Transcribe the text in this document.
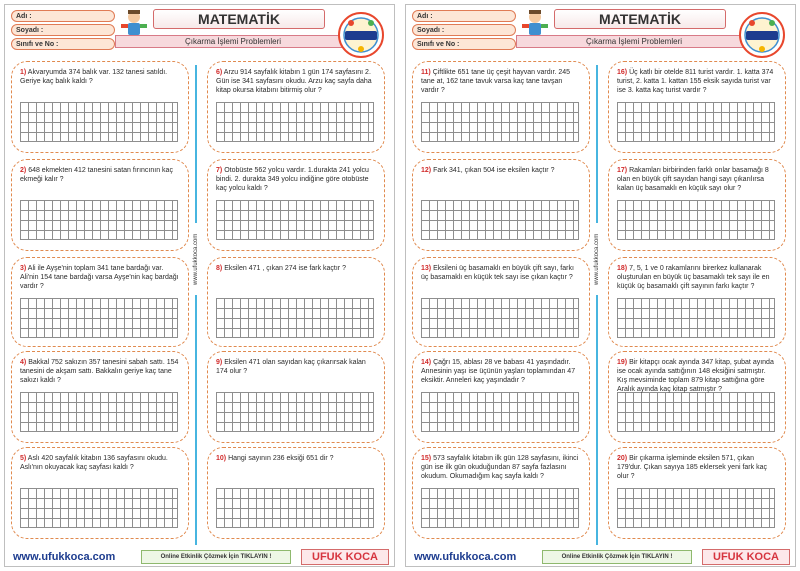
Adı :
Soyadı :
Sınıfı ve No :
MATEMATİK
Çıkarma İşlemi Problemleri
www.ufukkoca.com
1) Akvaryumda 374 balık var. 132 tanesi satıldı. Geriye kaç balık kaldı ?
2) 648 ekmekten 412 tanesini satan fırıncının kaç ekmeği kalır ?
3) Ali ile Ayşe'nin toplam 341 tane bardağı var. Ali'nin 154 tane bardağı varsa Ayşe'nin kaç bardağı vardır ?
4) Bakkal 752 sakızın 357 tanesini sabah sattı. 154 tanesini de akşam sattı. Bakkalın geriye kaç tane sakızı kaldı ?
5) Aslı 420 sayfalık kitabın 136 sayfasını okudu. Aslı'nın okuyacak kaç sayfası kaldı ?
6) Arzu 914 sayfalık kitabın 1 gün 174 sayfasını 2. Gün ise 341 sayfasını okudu. Arzu kaç sayfa daha kitap okursa kitabını bitirmiş olur ?
7) Otobüste 562 yolcu vardır. 1.durakta 241 yolcu bindi. 2. durakta 349 yolcu indiğine göre otobüste kaç yolcu kaldı ?
8) Eksilen 471 , çıkan 274 ise fark kaçtır ?
9) Eksilen 471 olan sayıdan kaç çıkarırsak kalan 174 olur ?
10) Hangi sayının 236 eksiği 651 dir ?
www.ufukkoca.com	Online Etkinlik Çözmek İçin TIKLAYIN !	UFUK KOCA
Adı :
Soyadı :
Sınıfı ve No :
MATEMATİK
Çıkarma İşlemi Problemleri
www.ufukkoca.com
11) Çiftlikte 651 tane üç çeşit hayvan vardır. 245 tane at, 162 tane tavuk varsa kaç tane tavşan vardır ?
12) Fark 341, çıkan 504 ise eksilen kaçtır ?
13) Eksileni üç basamaklı en büyük çift sayı, farkı üç basamaklı en küçük tek sayı ise çıkan kaçtır ?
14) Çağrı 15, ablası 28 ve babası 41 yaşındadır. Annesinin yaşı ise üçünün yaşları toplamından 47 eksiktir. Anneleri kaç yaşındadır ?
15) 573 sayfalık kitabın ilk gün 128 sayfasını, ikinci gün ise ilk gün okuduğundan 87 sayfa fazlasını okudum. Okumadığım kaç sayfa kaldı ?
16) Üç katlı bir otelde 811 turist vardır. 1. katta 374 turist, 2. katta 1. kattan 155 eksik sayıda turist var ise 3. katta kaç turist vardır ?
17) Rakamları birbirinden farklı onlar basamağı 8 olan en büyük çift sayıdan hangi sayı çıkarılırsa kalan üç basamaklı en küçük sayı olur ?
18) 7, 5, 1 ve 0 rakamlarını birerkez kullanarak oluşturulan en büyük üç basamaklı tek sayı ile en küçük üç basamaklı çift sayının farkı kaçtır ?
19) Bir kitapçı ocak ayında 347 kitap, şubat ayında ise ocak ayında sattığının 148 eksiğini satmıştır. Kış mevsiminde toplam 879 kitap sattığına göre Aralık ayında kaç kitap satmıştır ?
20) Bir çıkarma işleminde eksilen 571, çıkan 179'dur. Çıkan sayıya 185 eklersek yeni fark kaç olur ?
www.ufukkoca.com	Online Etkinlik Çözmek İçin TIKLAYIN !	UFUK KOCA
